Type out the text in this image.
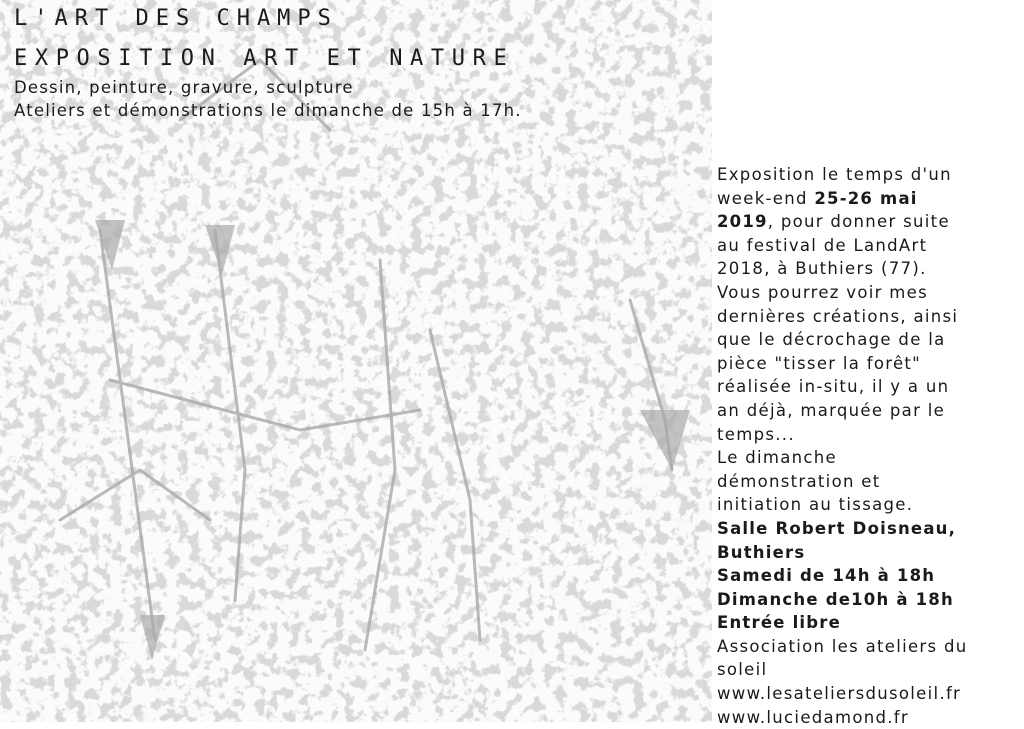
L'ART DES CHAMPS
EXPOSITION ART ET NATURE

Dessin, peinture, gravure, sculpture

Ateliers et démonstrations le dimanche de 15h à 17h.

Exposition le temps d'un
week-end 25-26 mai
2019, pour donner suite
au festival de LandArt
2018, à Buthiers (77).
Vous pourrez voir mes
dernières créations, ainsi
que le décrochage de la
pièce "tisser la forêt"
réalisée in-situ, il y a un
an déjà, marquée par le
temps...
Le dimanche
démonstration et
initiation au tissage.
Salle Robert Doisneau,
Buthiers
Samedi de 14h à 18h
Dimanche de10h à 18h
Entrée libre
Association les ateliers du
soleil
www.lesateliersdusoleil.fr
www.luciedamond.fr
